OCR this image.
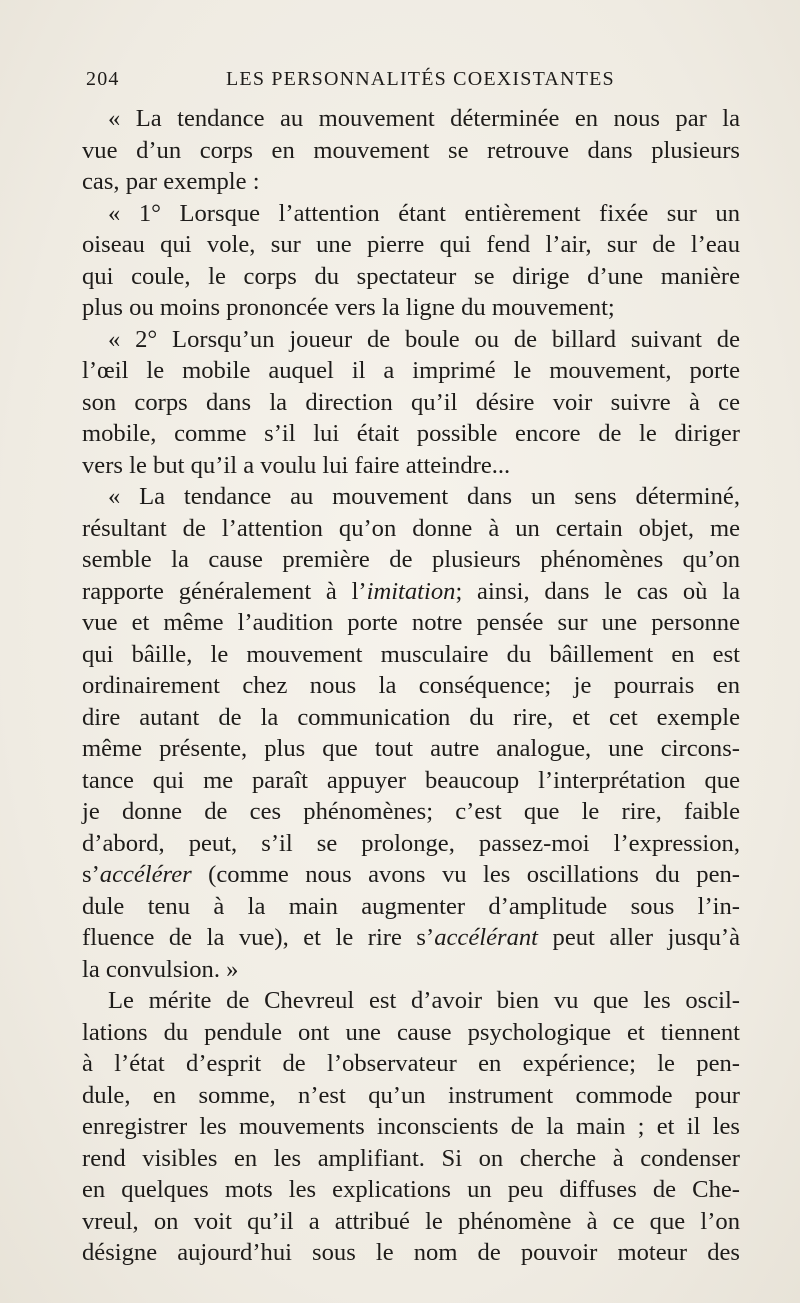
204	LES PERSONNALITÉS COEXISTANTES
« La tendance au mouvement déterminée en nous par la
vue d’un corps en mouvement se retrouve dans plusieurs
cas, par exemple :
« 1° Lorsque l’attention étant entièrement fixée sur un
oiseau qui vole, sur une pierre qui fend l’air, sur de l’eau
qui coule, le corps du spectateur se dirige d’une manière
plus ou moins prononcée vers la ligne du mouvement;
« 2° Lorsqu’un joueur de boule ou de billard suivant de
l’œil le mobile auquel il a imprimé le mouvement, porte
son corps dans la direction qu’il désire voir suivre à ce
mobile, comme s’il lui était possible encore de le diriger
vers le but qu’il a voulu lui faire atteindre...
« La tendance au mouvement dans un sens déterminé,
résultant de l’attention qu’on donne à un certain objet, me
semble la cause première de plusieurs phénomènes qu’on
rapporte généralement à l’imitation; ainsi, dans le cas où la
vue et même l’audition porte notre pensée sur une personne
qui bâille, le mouvement musculaire du bâillement en est
ordinairement chez nous la conséquence; je pourrais en
dire autant de la communication du rire, et cet exemple
même présente, plus que tout autre analogue, une circons-
tance qui me paraît appuyer beaucoup l’interprétation que
je donne de ces phénomènes; c’est que le rire, faible
d’abord, peut, s’il se prolonge, passez-moi l’expression,
s’accélérer (comme nous avons vu les oscillations du pen-
dule tenu à la main augmenter d’amplitude sous l’in-
fluence de la vue), et le rire s’accélérant peut aller jusqu’à
la convulsion. »
Le mérite de Chevreul est d’avoir bien vu que les oscil-
lations du pendule ont une cause psychologique et tiennent
à l’état d’esprit de l’observateur en expérience; le pen-
dule, en somme, n’est qu’un instrument commode pour
enregistrer les mouvements inconscients de la main ; et il les
rend visibles en les amplifiant. Si on cherche à condenser
en quelques mots les explications un peu diffuses de Che-
vreul, on voit qu’il a attribué le phénomène à ce que l’on
désigne aujourd’hui sous le nom de pouvoir moteur des
